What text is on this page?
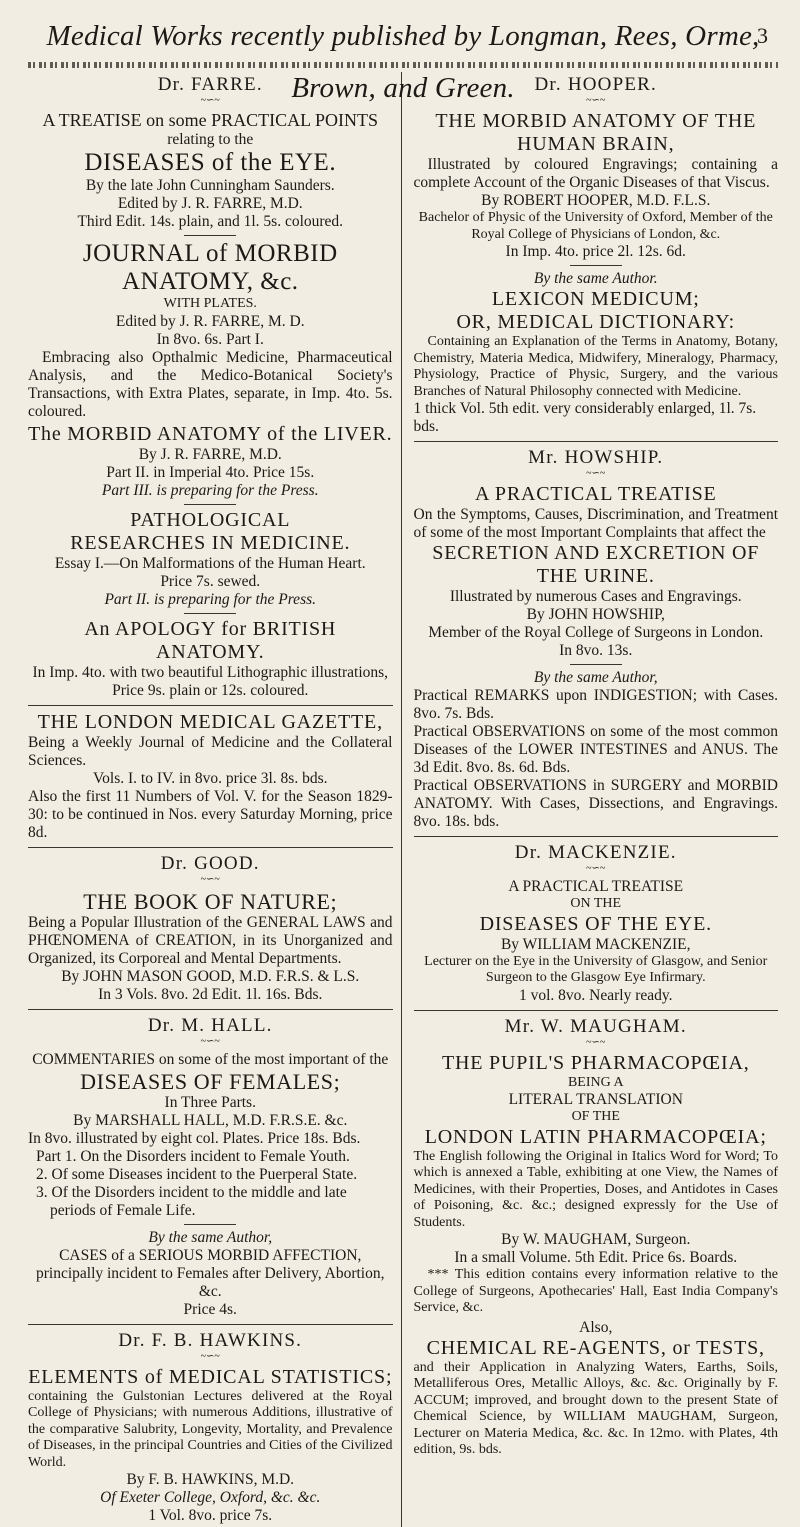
Medical Works recently published by Longman, Rees, Orme, Brown, and Green.
3

Dr. FARRE.

~∽~

A TREATISE on some PRACTICAL POINTS

relating to the

DISEASES of the EYE.

By the late John Cunningham Saunders.

Edited by J. R. FARRE, M.D.

Third Edit. 14s. plain, and 1l. 5s. coloured.

JOURNAL of MORBID ANATOMY, &c.

WITH PLATES.

Edited by J. R. FARRE, M. D.

In 8vo. 6s. Part I.

Embracing also Opthalmic Medicine, Pharmaceutical Analysis, and the Medico-Botanical Society's Transactions, with Extra Plates, separate, in Imp. 4to. 5s. coloured.

The MORBID ANATOMY of the LIVER.

By J. R. FARRE, M.D.

Part II. in Imperial 4to. Price 15s.

Part III. is preparing for the Press.

PATHOLOGICAL

RESEARCHES IN MEDICINE.

Essay I.—On Malformations of the Human Heart.

Price 7s. sewed.

Part II. is preparing for the Press.

An APOLOGY for BRITISH ANATOMY.

In Imp. 4to. with two beautiful Lithographic illustrations, Price 9s. plain or 12s. coloured.

THE LONDON MEDICAL GAZETTE,

Being a Weekly Journal of Medicine and the Collateral Sciences.

Vols. I. to IV. in 8vo. price 3l. 8s. bds.

Also the first 11 Numbers of Vol. V. for the Season 1829-30: to be continued in Nos. every Saturday Morning, price 8d.

Dr. GOOD.

~∽~

THE BOOK OF NATURE;

Being a Popular Illustration of the GENERAL LAWS and PHŒNOMENA of CREATION, in its Unorganized and Organized, its Corporeal and Mental Departments.

By JOHN MASON GOOD, M.D. F.R.S. & L.S.

In 3 Vols. 8vo. 2d Edit. 1l. 16s. Bds.

Dr. M. HALL.

~∽~

COMMENTARIES on some of the most important of the

DISEASES OF FEMALES;

In Three Parts.

By MARSHALL HALL, M.D. F.R.S.E. &c.

In 8vo. illustrated by eight col. Plates. Price 18s. Bds.

Part 1. On the Disorders incident to Female Youth.

2. Of some Diseases incident to the Puerperal State.

3. Of the Disorders incident to the middle and late periods of Female Life.

By the same Author,

CASES of a SERIOUS MORBID AFFECTION, principally incident to Females after Delivery, Abortion, &c.

Price 4s.

Dr. F. B. HAWKINS.

~∽~

ELEMENTS of MEDICAL STATISTICS;

containing the Gulstonian Lectures delivered at the Royal College of Physicians; with numerous Additions, illustrative of the comparative Salubrity, Longevity, Mortality, and Prevalence of Diseases, in the principal Countries and Cities of the Civilized World.

By F. B. HAWKINS, M.D.

Of Exeter College, Oxford, &c. &c.

1 Vol. 8vo. price 7s.

Dr. HOOPER.

~∽~

THE MORBID ANATOMY OF THE

HUMAN BRAIN,

Illustrated by coloured Engravings; containing a complete Account of the Organic Diseases of that Viscus.

By ROBERT HOOPER, M.D. F.L.S.

Bachelor of Physic of the University of Oxford, Member of the Royal College of Physicians of London, &c.

In Imp. 4to. price 2l. 12s. 6d.

By the same Author.

LEXICON MEDICUM;

OR, MEDICAL DICTIONARY:

Containing an Explanation of the Terms in Anatomy, Botany, Chemistry, Materia Medica, Midwifery, Mineralogy, Pharmacy, Physiology, Practice of Physic, Surgery, and the various Branches of Natural Philosophy connected with Medicine.

1 thick Vol. 5th edit. very considerably enlarged, 1l. 7s. bds.

Mr. HOWSHIP.

~∽~

A PRACTICAL TREATISE

On the Symptoms, Causes, Discrimination, and Treatment of some of the most Important Complaints that affect the

SECRETION AND EXCRETION OF THE URINE.

Illustrated by numerous Cases and Engravings.

By JOHN HOWSHIP,

Member of the Royal College of Surgeons in London.

In 8vo. 13s.

By the same Author,

Practical REMARKS upon INDIGESTION; with Cases. 8vo. 7s. Bds.

Practical OBSERVATIONS on some of the most common Diseases of the LOWER INTESTINES and ANUS. The 3d Edit. 8vo. 8s. 6d. Bds.

Practical OBSERVATIONS in SURGERY and MORBID ANATOMY. With Cases, Dissections, and Engravings. 8vo. 18s. bds.

Dr. MACKENZIE.

~∽~

A PRACTICAL TREATISE

ON THE

DISEASES OF THE EYE.

By WILLIAM MACKENZIE,

Lecturer on the Eye in the University of Glasgow, and Senior Surgeon to the Glasgow Eye Infirmary.

1 vol. 8vo. Nearly ready.

Mr. W. MAUGHAM.

~∽~

THE PUPIL'S PHARMACOPŒIA,

BEING A

LITERAL TRANSLATION

OF THE

LONDON LATIN PHARMACOPŒIA;

The English following the Original in Italics Word for Word; To which is annexed a Table, exhibiting at one View, the Names of Medicines, with their Properties, Doses, and Antidotes in Cases of Poisoning, &c. &c.; designed expressly for the Use of Students.

By W. MAUGHAM, Surgeon.

In a small Volume. 5th Edit. Price 6s. Boards.

*** This edition contains every information relative to the College of Surgeons, Apothecaries' Hall, East India Company's Service, &c.

Also,

CHEMICAL RE-AGENTS, or TESTS,

and their Application in Analyzing Waters, Earths, Soils, Metalliferous Ores, Metallic Alloys, &c. &c. Originally by F. ACCUM; improved, and brought down to the present State of Chemical Science, by WILLIAM MAUGHAM, Surgeon, Lecturer on Materia Medica, &c. &c. In 12mo. with Plates, 4th edition, 9s. bds.
